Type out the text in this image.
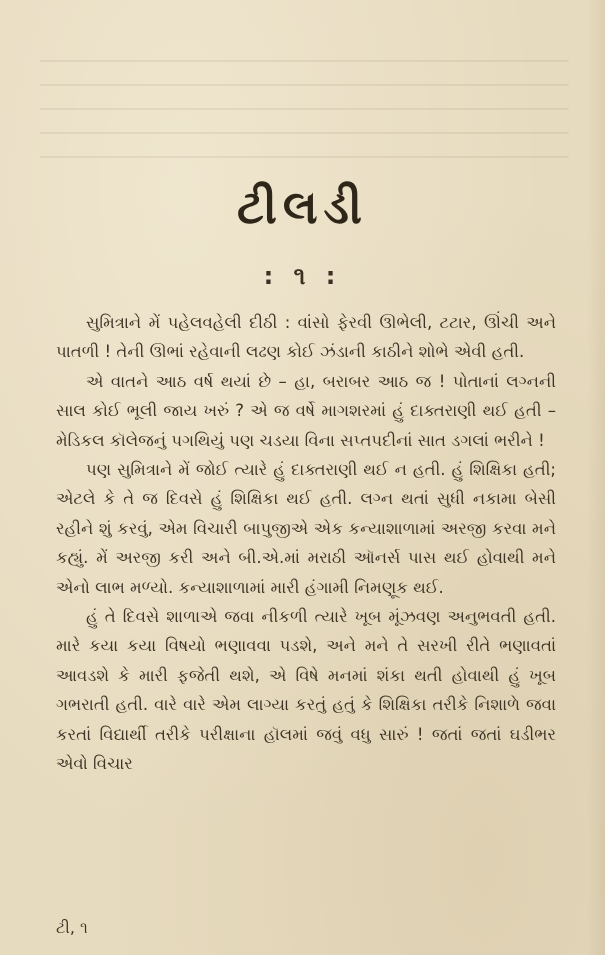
ટીલડી
: ૧ :

સુમિત્રાને મેં પહેલવહેલી દીઠી : વાંસો ફેરવી ઊભેલી, ટટાર, ઊંચી અને પાતળી ! તેની ઊભાં રહેવાની લઢણ કોઈ ઝંડાની કાઠીને શોભે એવી હતી.

એ વાતને આઠ વર્ષ થયાં છે – હા, બરાબર આઠ જ ! પોતાનાં લગ્નની સાલ કોઈ ભૂલી જાય ખરું ? એ જ વર્ષે માગશરમાં હું દાક્તરાણી થઈ હતી – મેડિકલ કૉલેજનું પગથિયું પણ ચડયા વિના સપ્તપદીનાં સાત ડગલાં ભરીને !

પણ સુમિત્રાને મેં જોઈ ત્યારે હું દાક્તરાણી થઈ ન હતી. હું શિક્ષિકા હતી; એટલે કે તે જ દિવસે હું શિક્ષિકા થઈ હતી. લગ્ન થતાં સુધી નકામા બેસી રહીને શું કરવું, એમ વિચારી બાપુજીએ એક કન્યાશાળામાં અરજી કરવા મને કહ્યું. મેં અરજી કરી અને બી.એ.માં મરાઠી ઑનર્સ પાસ થઈ હોવાથી મને એનો લાભ મળ્યો. કન્યાશાળામાં મારી હંગામી નિમણૂક થઈ.

હું તે દિવસે શાળાએ જવા નીકળી ત્યારે ખૂબ મૂંઝવણ અનુભવતી હતી. મારે કયા કયા વિષયો ભણાવવા પડશે, અને મને તે સરખી રીતે ભણાવતાં આવડશે કે મારી ફજેતી થશે, એ વિષે મનમાં શંકા થતી હોવાથી હું ખૂબ ગભરાતી હતી. વારે વારે એમ લાગ્યા કરતું હતું કે શિક્ષિકા તરીકે નિશાળે જવા કરતાં વિદ્યાર્થી તરીકે પરીક્ષાના હૉલમાં જવું વધુ સારું ! જતાં જતાં ઘડીભર એવો વિચાર

ટી, ૧
